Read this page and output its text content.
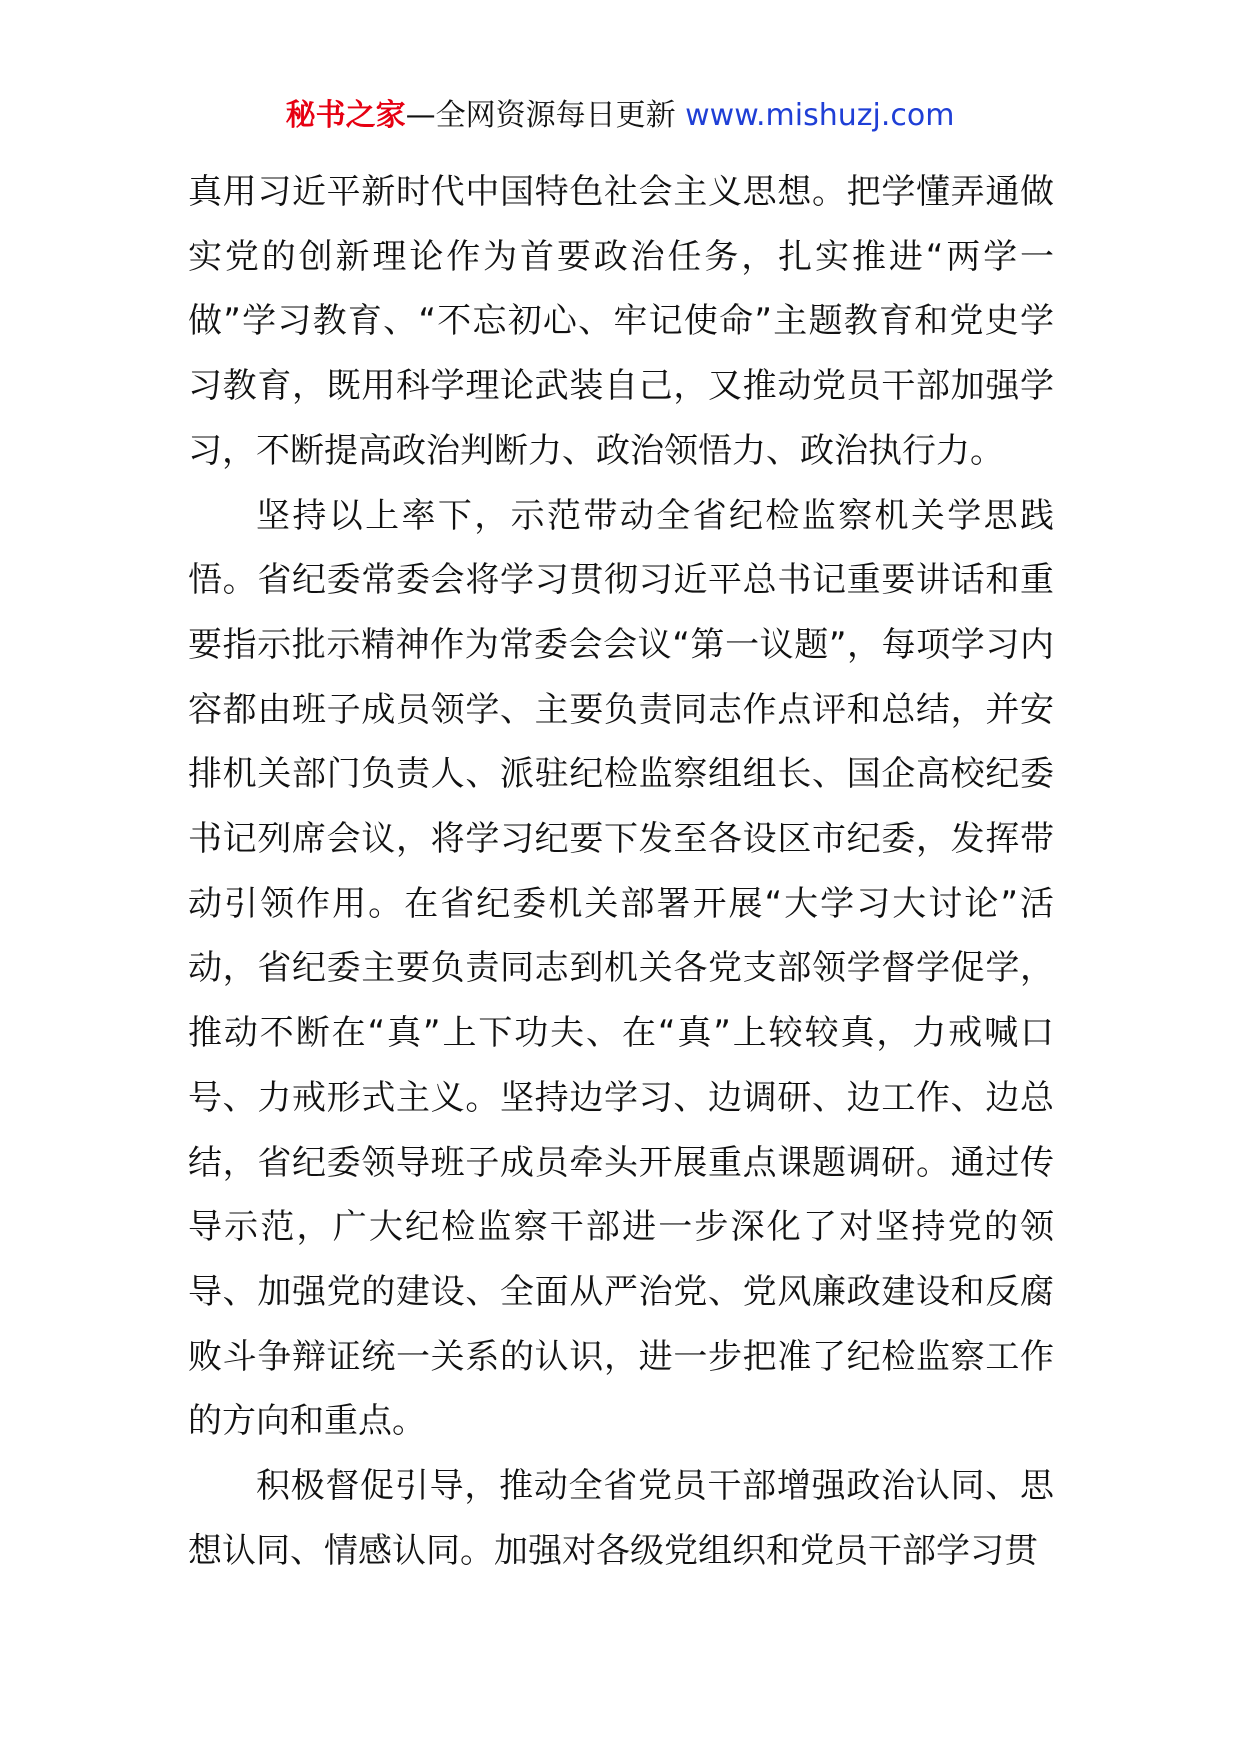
秘书之家—全网资源每日更新 www.mishuzj.com

真用习近平新时代中国特色社会主义思想。把学懂弄通做实党的创新理论作为首要政治任务，扎实推进“两学一做”学习教育、“不忘初心、牢记使命”主题教育和党史学习教育，既用科学理论武装自己，又推动党员干部加强学习，不断提高政治判断力、政治领悟力、政治执行力。

坚持以上率下，示范带动全省纪检监察机关学思践悟。省纪委常委会将学习贯彻习近平总书记重要讲话和重要指示批示精神作为常委会会议“第一议题”，每项学习内容都由班子成员领学、主要负责同志作点评和总结，并安排机关部门负责人、派驻纪检监察组组长、国企高校纪委书记列席会议，将学习纪要下发至各设区市纪委，发挥带动引领作用。在省纪委机关部署开展“大学习大讨论”活动，省纪委主要负责同志到机关各党支部领学督学促学，推动不断在“真”上下功夫、在“真”上较较真，力戒喊口号、力戒形式主义。坚持边学习、边调研、边工作、边总结，省纪委领导班子成员牵头开展重点课题调研。通过传导示范，广大纪检监察干部进一步深化了对坚持党的领导、加强党的建设、全面从严治党、党风廉政建设和反腐败斗争辩证统一关系的认识，进一步把准了纪检监察工作的方向和重点。

积极督促引导，推动全省党员干部增强政治认同、思想认同、情感认同。加强对各级党组织和党员干部学习贯
